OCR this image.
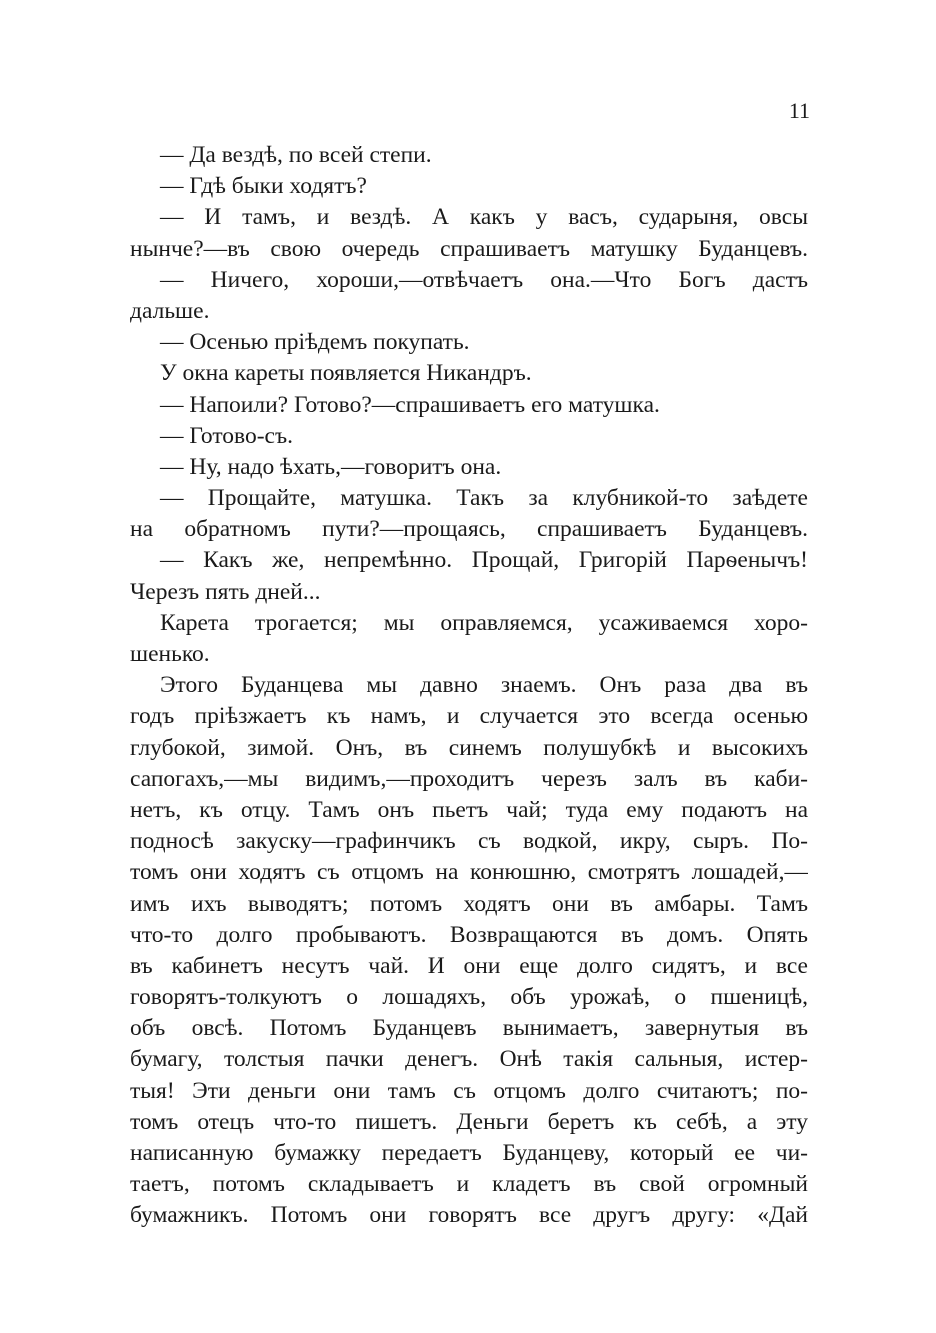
11
— Да вездѣ, по всей степи.
— Гдѣ быки ходятъ?
— И тамъ, и вездѣ. А какъ у васъ, сударыня, овсы
нынче?—въ свою очередь спрашиваетъ матушку Буданцевъ.
— Ничего, хороши,—отвѣчаетъ она.—Что Богъ дастъ
дальше.
— Осенью пріѣдемъ покупать.
У окна кареты появляется Никандръ.
— Напоили? Готово?—спрашиваетъ его матушка.
— Готово-съ.
— Ну, надо ѣхать,—говоритъ она.
— Прощайте, матушка. Такъ за клубникой-то заѣдете
на обратномъ пути?—прощаясь, спрашиваетъ Буданцевъ.
— Какъ же, непремѣнно. Прощай, Григорій Парѳенычъ!
Черезъ пять дней...
Карета трогается; мы оправляемся, усаживаемся хоро-
шенько.
Этого Буданцева мы давно знаемъ. Онъ раза два въ
годъ пріѣзжаетъ къ намъ, и случается это всегда осенью
глубокой, зимой. Онъ, въ синемъ полушубкѣ и высокихъ
сапогахъ,—мы видимъ,—проходитъ черезъ залъ въ каби-
нетъ, къ отцу. Тамъ онъ пьетъ чай; туда ему подаютъ на
подносѣ закуску—графинчикъ съ водкой, икру, сыръ. По-
томъ они ходятъ съ отцомъ на конюшню, смотрятъ лошадей,—
имъ ихъ выводятъ; потомъ ходятъ они въ амбары. Тамъ
что-то долго пробываютъ. Возвращаются въ домъ. Опять
въ кабинетъ несутъ чай. И они еще долго сидятъ, и все
говорятъ-толкуютъ о лошадяхъ, объ урожаѣ, о пшеницѣ,
объ овсѣ. Потомъ Буданцевъ вынимаетъ, завернутыя въ
бумагу, толстыя пачки денегъ. Онѣ такія сальныя, истер-
тыя! Эти деньги они тамъ съ отцомъ долго считаютъ; по-
томъ отецъ что-то пишетъ. Деньги беретъ къ себѣ, а эту
написанную бумажку передаетъ Буданцеву, который ее чи-
таетъ, потомъ складываетъ и кладетъ въ свой огромный
бумажникъ. Потомъ они говорятъ все другъ другу: «Дай
